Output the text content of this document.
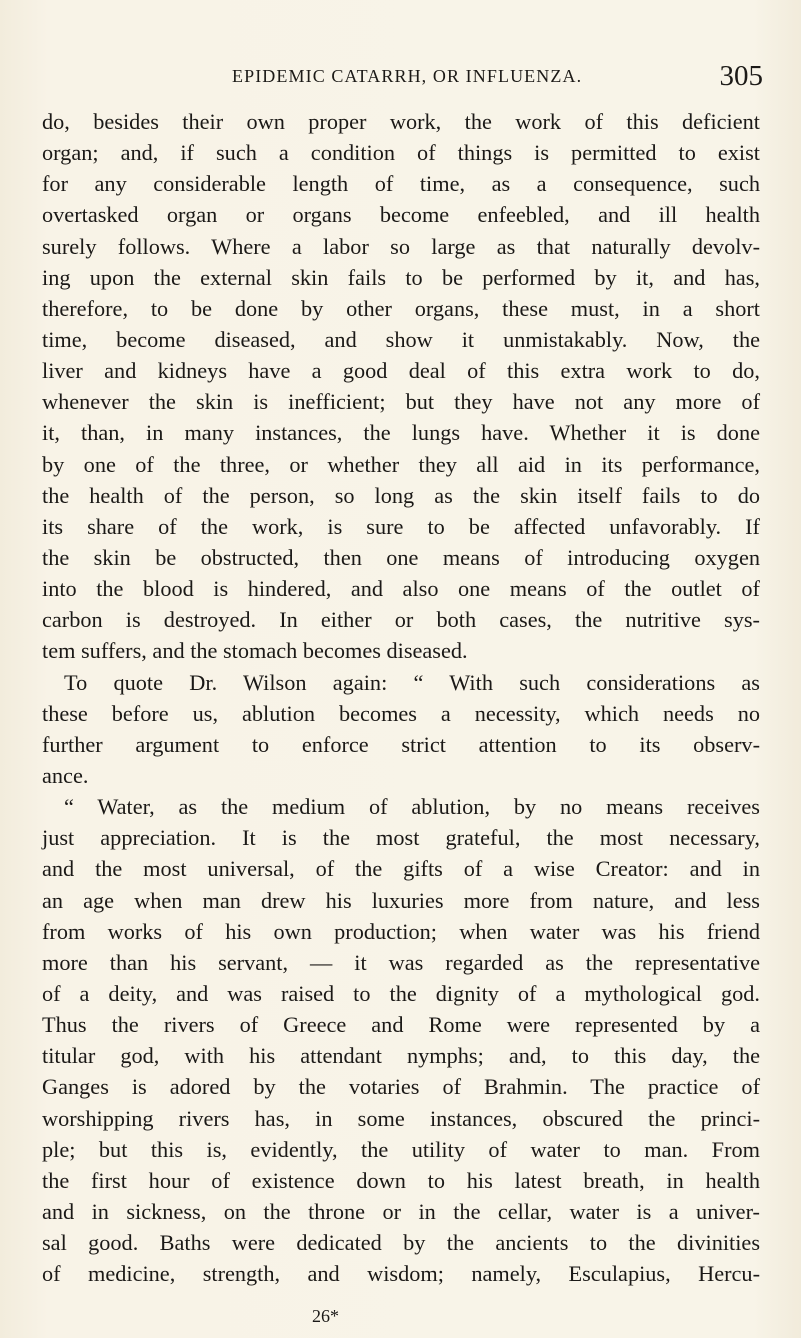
EPIDEMIC CATARRH, OR INFLUENZA.	305
do, besides their own proper work, the work of this deficient
organ; and, if such a condition of things is permitted to exist
for any considerable length of time, as a consequence, such
overtasked organ or organs become enfeebled, and ill health
surely follows. Where a labor so large as that naturally devolv-
ing upon the external skin fails to be performed by it, and has,
therefore, to be done by other organs, these must, in a short
time, become diseased, and show it unmistakably. Now, the
liver and kidneys have a good deal of this extra work to do,
whenever the skin is inefficient; but they have not any more of
it, than, in many instances, the lungs have. Whether it is done
by one of the three, or whether they all aid in its performance,
the health of the person, so long as the skin itself fails to do
its share of the work, is sure to be affected unfavorably. If
the skin be obstructed, then one means of introducing oxygen
into the blood is hindered, and also one means of the outlet of
carbon is destroyed. In either or both cases, the nutritive sys-
tem suffers, and the stomach becomes diseased.
To quote Dr. Wilson again: “ With such considerations as
these before us, ablution becomes a necessity, which needs no
further argument to enforce strict attention to its observ-
ance.
“ Water, as the medium of ablution, by no means receives
just appreciation. It is the most grateful, the most necessary,
and the most universal, of the gifts of a wise Creator: and in
an age when man drew his luxuries more from nature, and less
from works of his own production; when water was his friend
more than his servant, — it was regarded as the representative
of a deity, and was raised to the dignity of a mythological god.
Thus the rivers of Greece and Rome were represented by a
titular god, with his attendant nymphs; and, to this day, the
Ganges is adored by the votaries of Brahmin. The practice of
worshipping rivers has, in some instances, obscured the princi-
ple; but this is, evidently, the utility of water to man. From
the first hour of existence down to his latest breath, in health
and in sickness, on the throne or in the cellar, water is a univer-
sal good. Baths were dedicated by the ancients to the divinities
of medicine, strength, and wisdom; namely, Esculapius, Hercu-
26*
